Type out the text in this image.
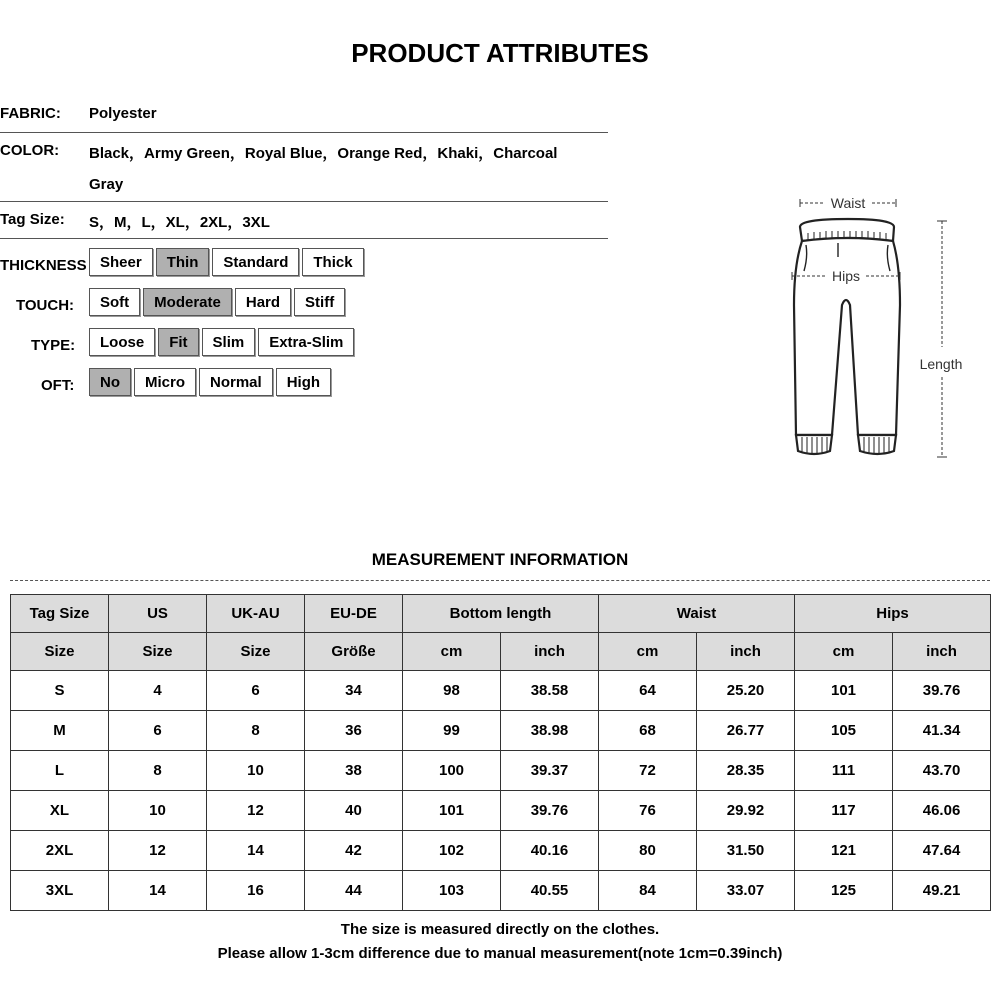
PRODUCT ATTRIBUTES
FABRIC: Polyester
COLOR: Black，Army Green，Royal Blue，Orange Red，Khaki，Charcoal
Gray
Tag Size: S，M，L，XL，2XL，3XL
THICKNESS Sheer	Thin	Standard	Thick
TOUCH:	Soft	Moderate	Hard	Stiff
TYPE:	Loose	Fit	Slim	Extra-Slim
OFT:	No	Micro	Normal	High
Waist
Hips
Length
MEASUREMENT INFORMATION
Tag Size	US	UK-AU	EU-DE	Bottom length		Waist		Hips	
Size	Size	Size	Größe	cm	inch	cm	inch	cm	inch
S	4	6	34	98	38.58	64	25.20	101	39.76
M	6	8	36	99	38.98	68	26.77	105	41.34
L	8	10	38	100	39.37	72	28.35	111	43.70
XL	10	12	40	101	39.76	76	29.92	117	46.06
2XL	12	14	42	102	40.16	80	31.50	121	47.64
3XL	14	16	44	103	40.55	84	33.07	125	49.21
The size is measured directly on the clothes.
Please allow 1-3cm difference due to manual measurement(note 1cm=0.39inch)
